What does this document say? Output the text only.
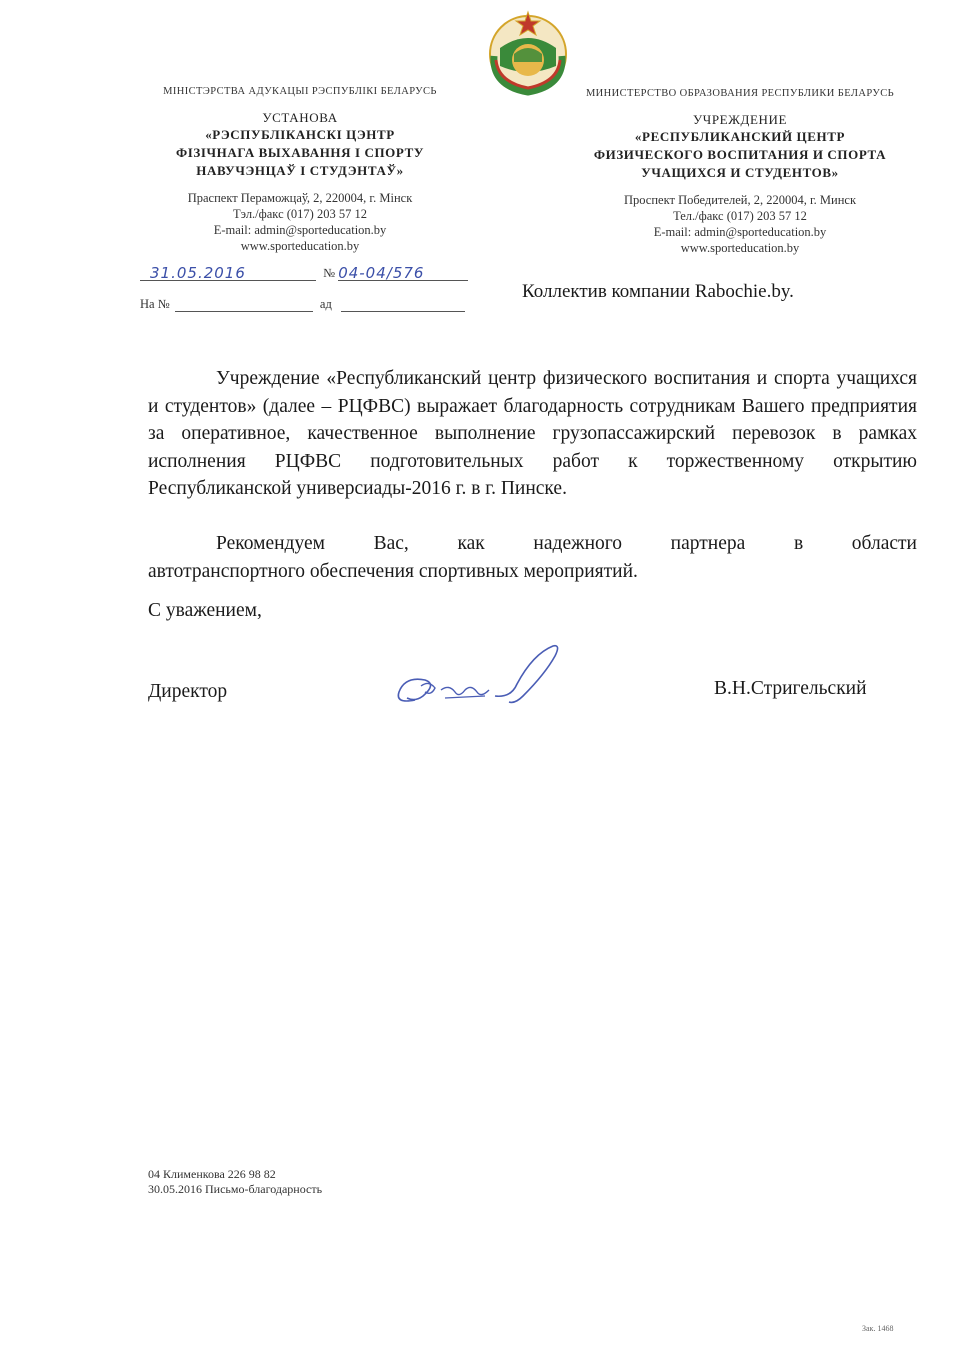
МІНІСТЭРСТВА АДУКАЦЫІ РЭСПУБЛІКІ БЕЛАРУСЬ
УСТАНОВА
«РЭСПУБЛІКАНСКІ ЦЭНТР
ФІЗІЧНАГА ВЫХАВАННЯ І СПОРТУ
НАВУЧЭНЦАЎ І СТУДЭНТАЎ»
Праспект Пераможцаў, 2, 220004, г. Мінск
Тэл./факс (017) 203 57 12
E-mail: admin@sporteducation.by
www.sporteducation.by
МИНИСТЕРСТВО ОБРАЗОВАНИЯ РЕСПУБЛИКИ БЕЛАРУСЬ
УЧРЕЖДЕНИЕ
«РЕСПУБЛИКАНСКИЙ ЦЕНТР
ФИЗИЧЕСКОГО ВОСПИТАНИЯ И СПОРТА
УЧАЩИХСЯ И СТУДЕНТОВ»
Проспект Победителей, 2, 220004, г. Минск
Тел./факс (017) 203 57 12
E-mail: admin@sporteducation.by
www.sporteducation.by
31.05.2016	№ 04-04/576
На №	ад
Коллектив компании Rabochie.by.
Учреждение «Республиканский центр физического воспитания и спорта учащихся и студентов» (далее – РЦФВС) выражает благодарность сотрудникам Вашего предприятия за оперативное, качественное выполнение грузопассажирский перевозок в рамках исполнения РЦФВС подготовительных работ к торжественному открытию Республиканской универсиады-2016 г. в г. Пинске.
Рекомендуем Вас, как надежного партнера в области
автотранспортного обеспечения спортивных мероприятий.
С уважением,
Директор	В.Н.Стригельский
04 Клименкова 226 98 82
30.05.2016 Письмо-благодарность
Зак. 1468
